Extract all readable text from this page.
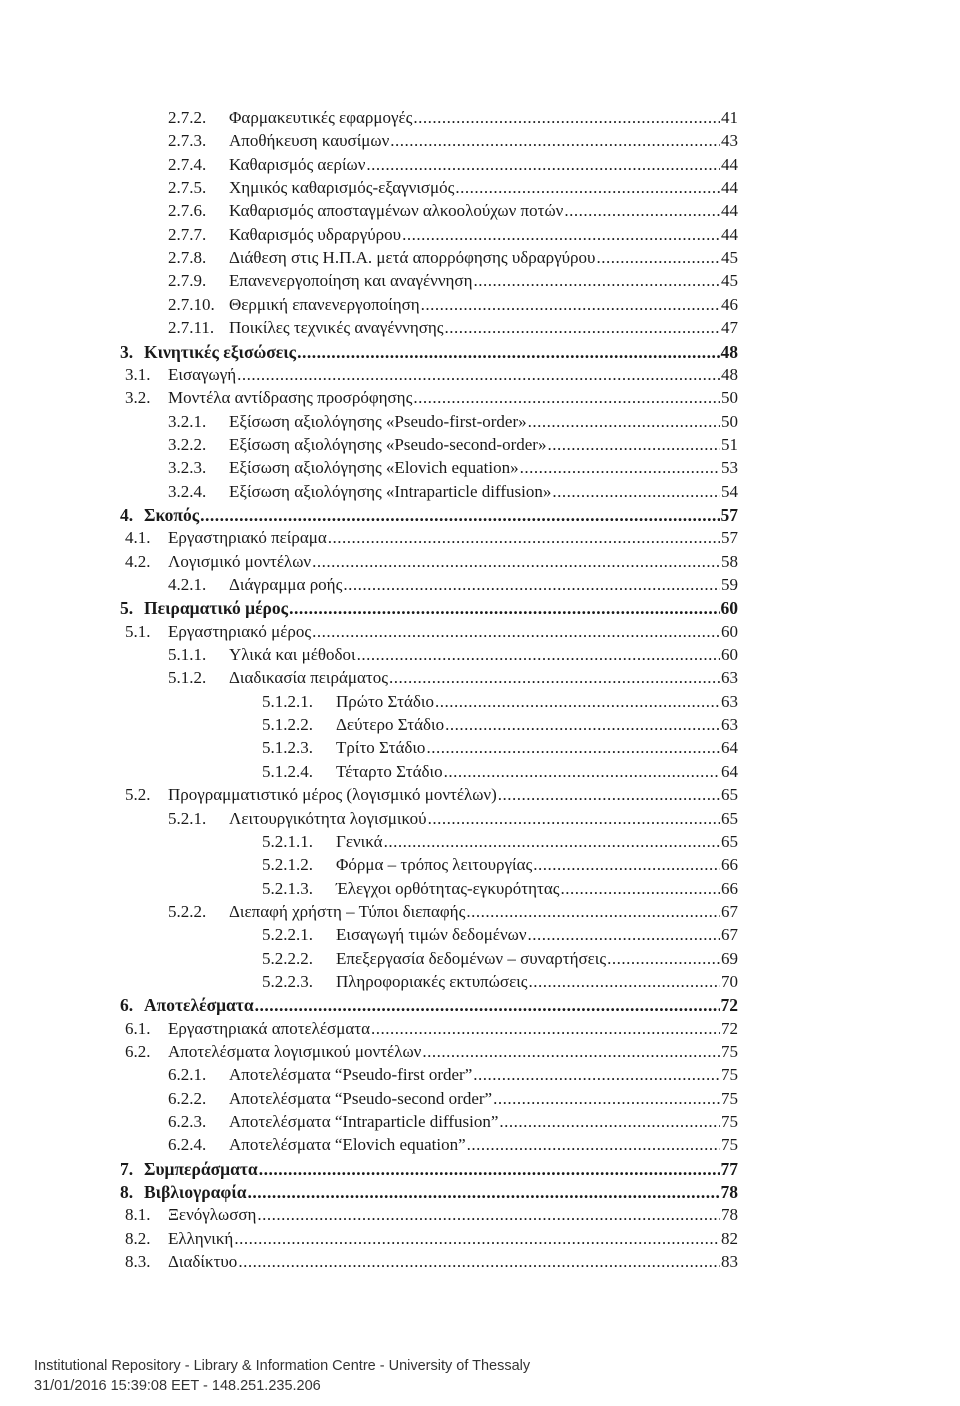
2.7.2.	Φαρμακευτικές εφαρμογές .....	41
2.7.3.	Αποθήκευση καυσίμων .....	43
2.7.4.	Καθαρισμός αερίων .....	44
2.7.5.	Χημικός καθαρισμός-εξαγνισμός .....	44
2.7.6.	Καθαρισμός αποσταγμένων αλκοολούχων ποτών .....	44
2.7.7.	Καθαρισμός υδραργύρου .....	44
2.7.8.	Διάθεση στις Η.Π.Α. μετά απορρόφησης υδραργύρου .....	45
2.7.9.	Επανενεργοποίηση και αναγέννηση .....	45
2.7.10. Θερμική επανενεργοποίηση .....	46
2.7.11. Ποικίλες τεχνικές αναγέννησης .....	47
3. Κινητικές εξισώσεις .....	48
3.1.	Εισαγωγή .....	48
3.2.	Μοντέλα αντίδρασης προσρόφησης .....	50
3.2.1.	Εξίσωση αξιολόγησης «Pseudo-first-order» .....	50
3.2.2.	Εξίσωση αξιολόγησης «Pseudo-second-order» .....	51
3.2.3.	Εξίσωση αξιολόγησης «Elovich equation» .....	53
3.2.4.	Εξίσωση αξιολόγησης «Intraparticle diffusion» .....	54
4. Σκοπός .....	57
4.1.	Εργαστηριακό πείραμα .....	57
4.2.	Λογισμικό μοντέλων .....	58
4.2.1.	Διάγραμμα ροής .....	59
5. Πειραματικό μέρος .....	60
5.1.	Εργαστηριακό μέρος .....	60
5.1.1.	Υλικά και μέθοδοι .....	60
5.1.2.	Διαδικασία πειράματος .....	63
5.1.2.1.	Πρώτο Στάδιο .....	63
5.1.2.2.	Δεύτερο Στάδιο .....	63
5.1.2.3.	Τρίτο Στάδιο .....	64
5.1.2.4.	Τέταρτο Στάδιο .....	64
5.2.	Προγραμματιστικό μέρος (λογισμικό μοντέλων) .....	65
5.2.1.	Λειτουργικότητα λογισμικού .....	65
5.2.1.1.	Γενικά .....	65
5.2.1.2.	Φόρμα – τρόπος λειτουργίας .....	66
5.2.1.3.	Έλεγχοι ορθότητας-εγκυρότητας .....	66
5.2.2.	Διεπαφή χρήστη – Τύποι διεπαφής .....	67
5.2.2.1.	Εισαγωγή τιμών δεδομένων .....	67
5.2.2.2.	Επεξεργασία δεδομένων – συναρτήσεις .....	69
5.2.2.3.	Πληροφοριακές εκτυπώσεις .....	70
6. Αποτελέσματα .....	72
6.1.	Εργαστηριακά αποτελέσματα .....	72
6.2.	Αποτελέσματα λογισμικού μοντέλων .....	75
6.2.1.	Αποτελέσματα “Pseudo-first order” .....	75
6.2.2.	Αποτελέσματα “Pseudo-second order” .....	75
6.2.3.	Αποτελέσματα “Intraparticle diffusion” .....	75
6.2.4.	Αποτελέσματα “Elovich equation” .....	75
7. Συμπεράσματα .....	77
8. Βιβλιογραφία .....	78
8.1.	Ξενόγλωσση .....	78
8.2.	Ελληνική .....	82
8.3.	Διαδίκτυο .....	83
Institutional Repository - Library & Information Centre - University of Thessaly
31/01/2016 15:39:08 EET - 148.251.235.206
